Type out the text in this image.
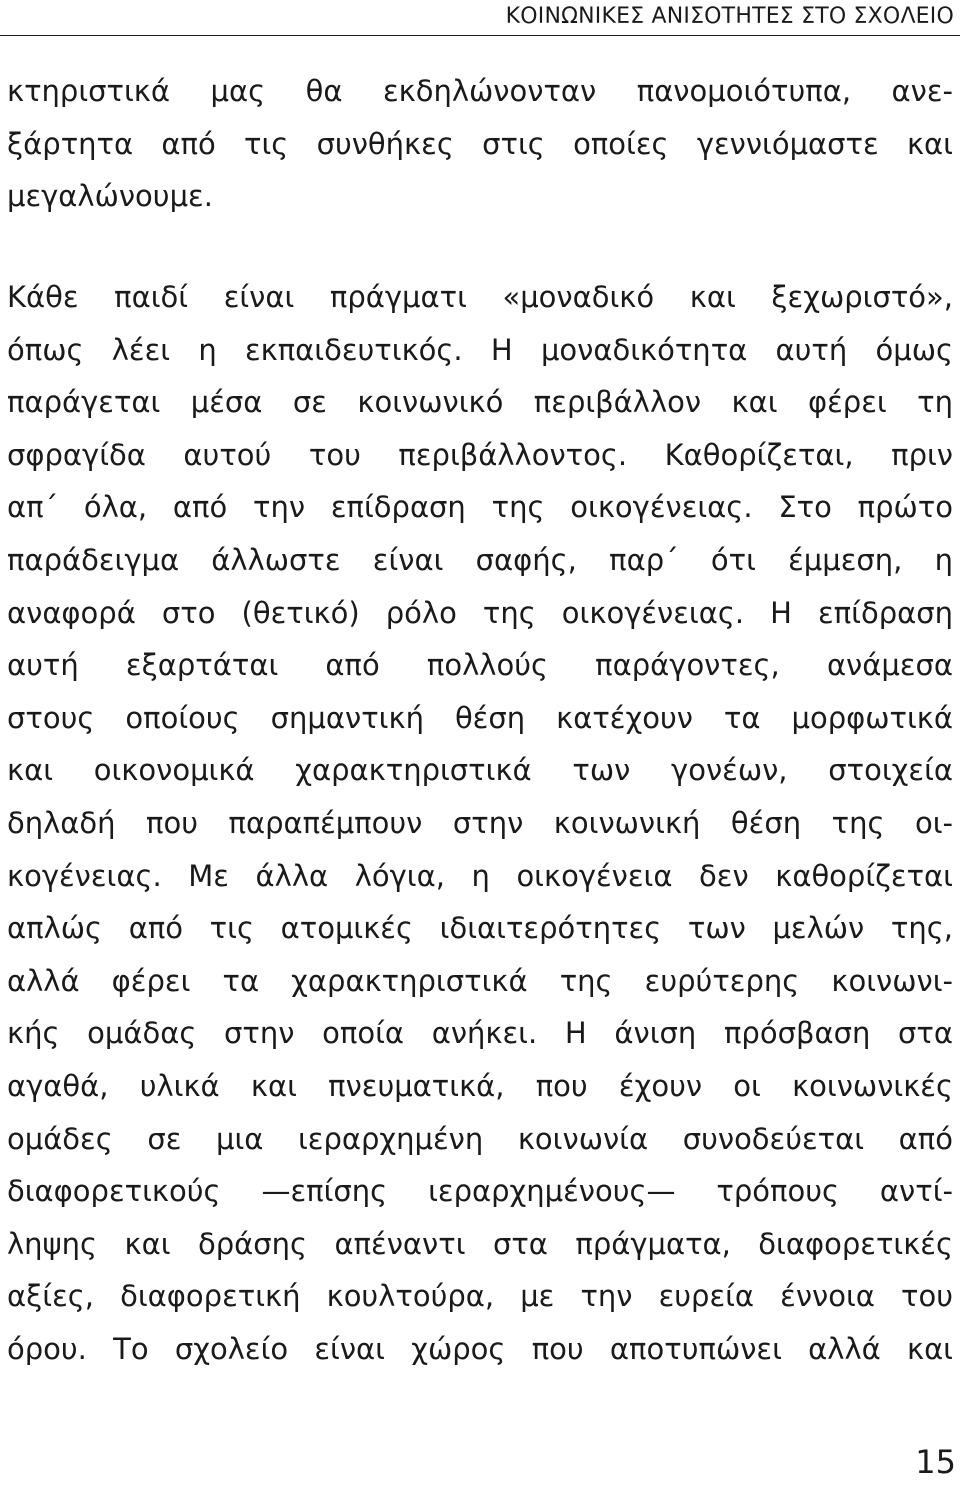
ΚΟΙΝΩΝΙΚΕΣ ΑΝΙΣΟΤΗΤΕΣ ΣΤΟ ΣΧΟΛΕΙΟ
κτηριστικά μας θα εκδηλώνονταν πανομοιότυπα, ανε-
ξάρτητα από τις συνθήκες στις οποίες γεννιόμαστε και
μεγαλώνουμε.
Κάθε παιδί είναι πράγματι «μοναδικό και ξεχωριστό»,
όπως λέει η εκπαιδευτικός. Η μοναδικότητα αυτή όμως
παράγεται μέσα σε κοινωνικό περιβάλλον και φέρει τη
σφραγίδα αυτού του περιβάλλοντος. Καθορίζεται, πριν
απ΄ όλα, από την επίδραση της οικογένειας. Στο πρώτο
παράδειγμα άλλωστε είναι σαφής, παρ΄ ότι έμμεση, η
αναφορά στο (θετικό) ρόλο της οικογένειας. Η επίδραση
αυτή εξαρτάται από πολλούς παράγοντες, ανάμεσα
στους οποίους σημαντική θέση κατέχουν τα μορφωτικά
και οικονομικά χαρακτηριστικά των γονέων, στοιχεία
δηλαδή που παραπέμπουν στην κοινωνική θέση της οι-
κογένειας. Με άλλα λόγια, η οικογένεια δεν καθορίζεται
απλώς από τις ατομικές ιδιαιτερότητες των μελών της,
αλλά φέρει τα χαρακτηριστικά της ευρύτερης κοινωνι-
κής ομάδας στην οποία ανήκει. Η άνιση πρόσβαση στα
αγαθά, υλικά και πνευματικά, που έχουν οι κοινωνικές
ομάδες σε μια ιεραρχημένη κοινωνία συνοδεύεται από
διαφορετικούς —επίσης ιεραρχημένους— τρόπους αντί-
ληψης και δράσης απέναντι στα πράγματα, διαφορετικές
αξίες, διαφορετική κουλτούρα, με την ευρεία έννοια του
όρου. Το σχολείο είναι χώρος που αποτυπώνει αλλά και
15
